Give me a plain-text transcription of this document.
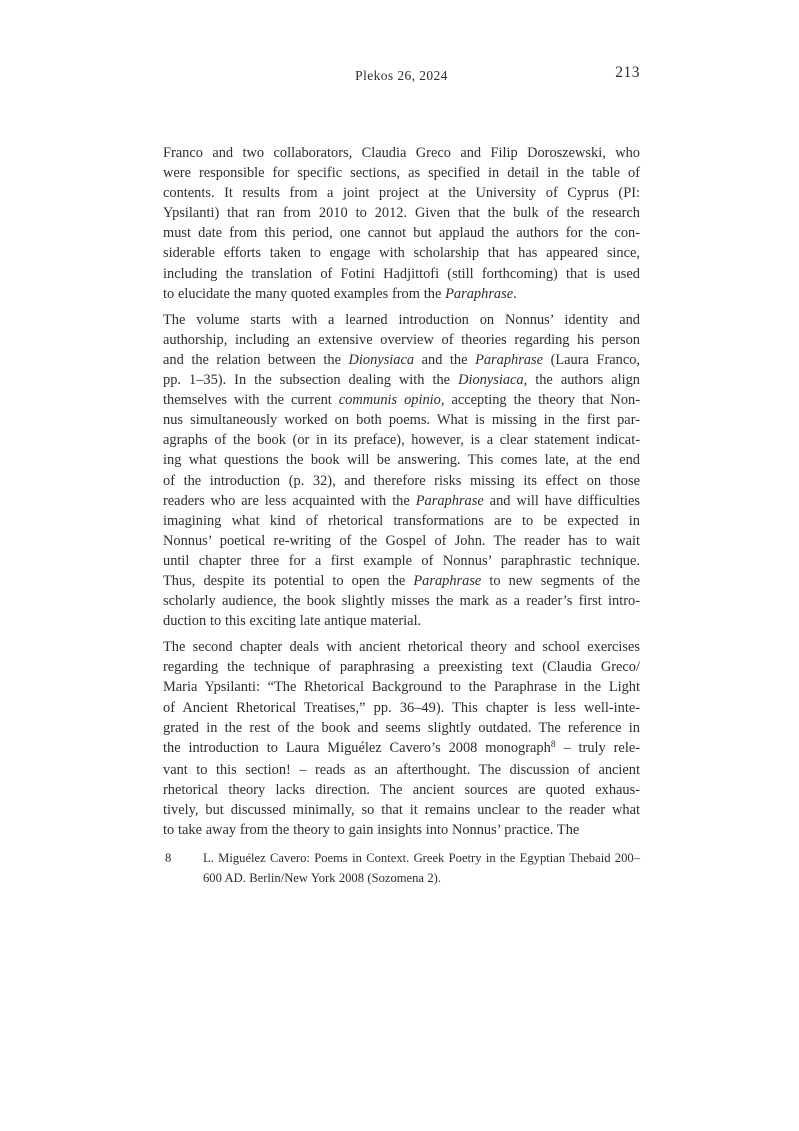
Plekos 26, 2024	213
Franco and two collaborators, Claudia Greco and Filip Doroszewski, who
were responsible for specific sections, as specified in detail in the table of
contents. It results from a joint project at the University of Cyprus (PI:
Ypsilanti) that ran from 2010 to 2012. Given that the bulk of the research
must date from this period, one cannot but applaud the authors for the con-
siderable efforts taken to engage with scholarship that has appeared since,
including the translation of Fotini Hadjittofi (still forthcoming) that is used
to elucidate the many quoted examples from the Paraphrase.
The volume starts with a learned introduction on Nonnus’ identity and
authorship, including an extensive overview of theories regarding his person
and the relation between the Dionysiaca and the Paraphrase (Laura Franco,
pp. 1–35). In the subsection dealing with the Dionysiaca, the authors align
themselves with the current communis opinio, accepting the theory that Non-
nus simultaneously worked on both poems. What is missing in the first par-
agraphs of the book (or in its preface), however, is a clear statement indicat-
ing what questions the book will be answering. This comes late, at the end
of the introduction (p. 32), and therefore risks missing its effect on those
readers who are less acquainted with the Paraphrase and will have difficulties
imagining what kind of rhetorical transformations are to be expected in
Nonnus’ poetical re-writing of the Gospel of John. The reader has to wait
until chapter three for a first example of Nonnus’ paraphrastic technique.
Thus, despite its potential to open the Paraphrase to new segments of the
scholarly audience, the book slightly misses the mark as a reader’s first intro-
duction to this exciting late antique material.
The second chapter deals with ancient rhetorical theory and school exercises
regarding the technique of paraphrasing a preexisting text (Claudia Greco/
Maria Ypsilanti: “The Rhetorical Background to the Paraphrase in the Light
of Ancient Rhetorical Treatises,” pp. 36–49). This chapter is less well-inte-
grated in the rest of the book and seems slightly outdated. The reference in
the introduction to Laura Miguélez Cavero’s 2008 monograph$^8$ – truly rele-
vant to this section! – reads as an afterthought. The discussion of ancient
rhetorical theory lacks direction. The ancient sources are quoted exhaus-
tively, but discussed minimally, so that it remains unclear to the reader what
to take away from the theory to gain insights into Nonnus’ practice. The
8	L. Miguélez Cavero: Poems in Context. Greek Poetry in the Egyptian Thebaid 200–
600 AD. Berlin/New York 2008 (Sozomena 2).
